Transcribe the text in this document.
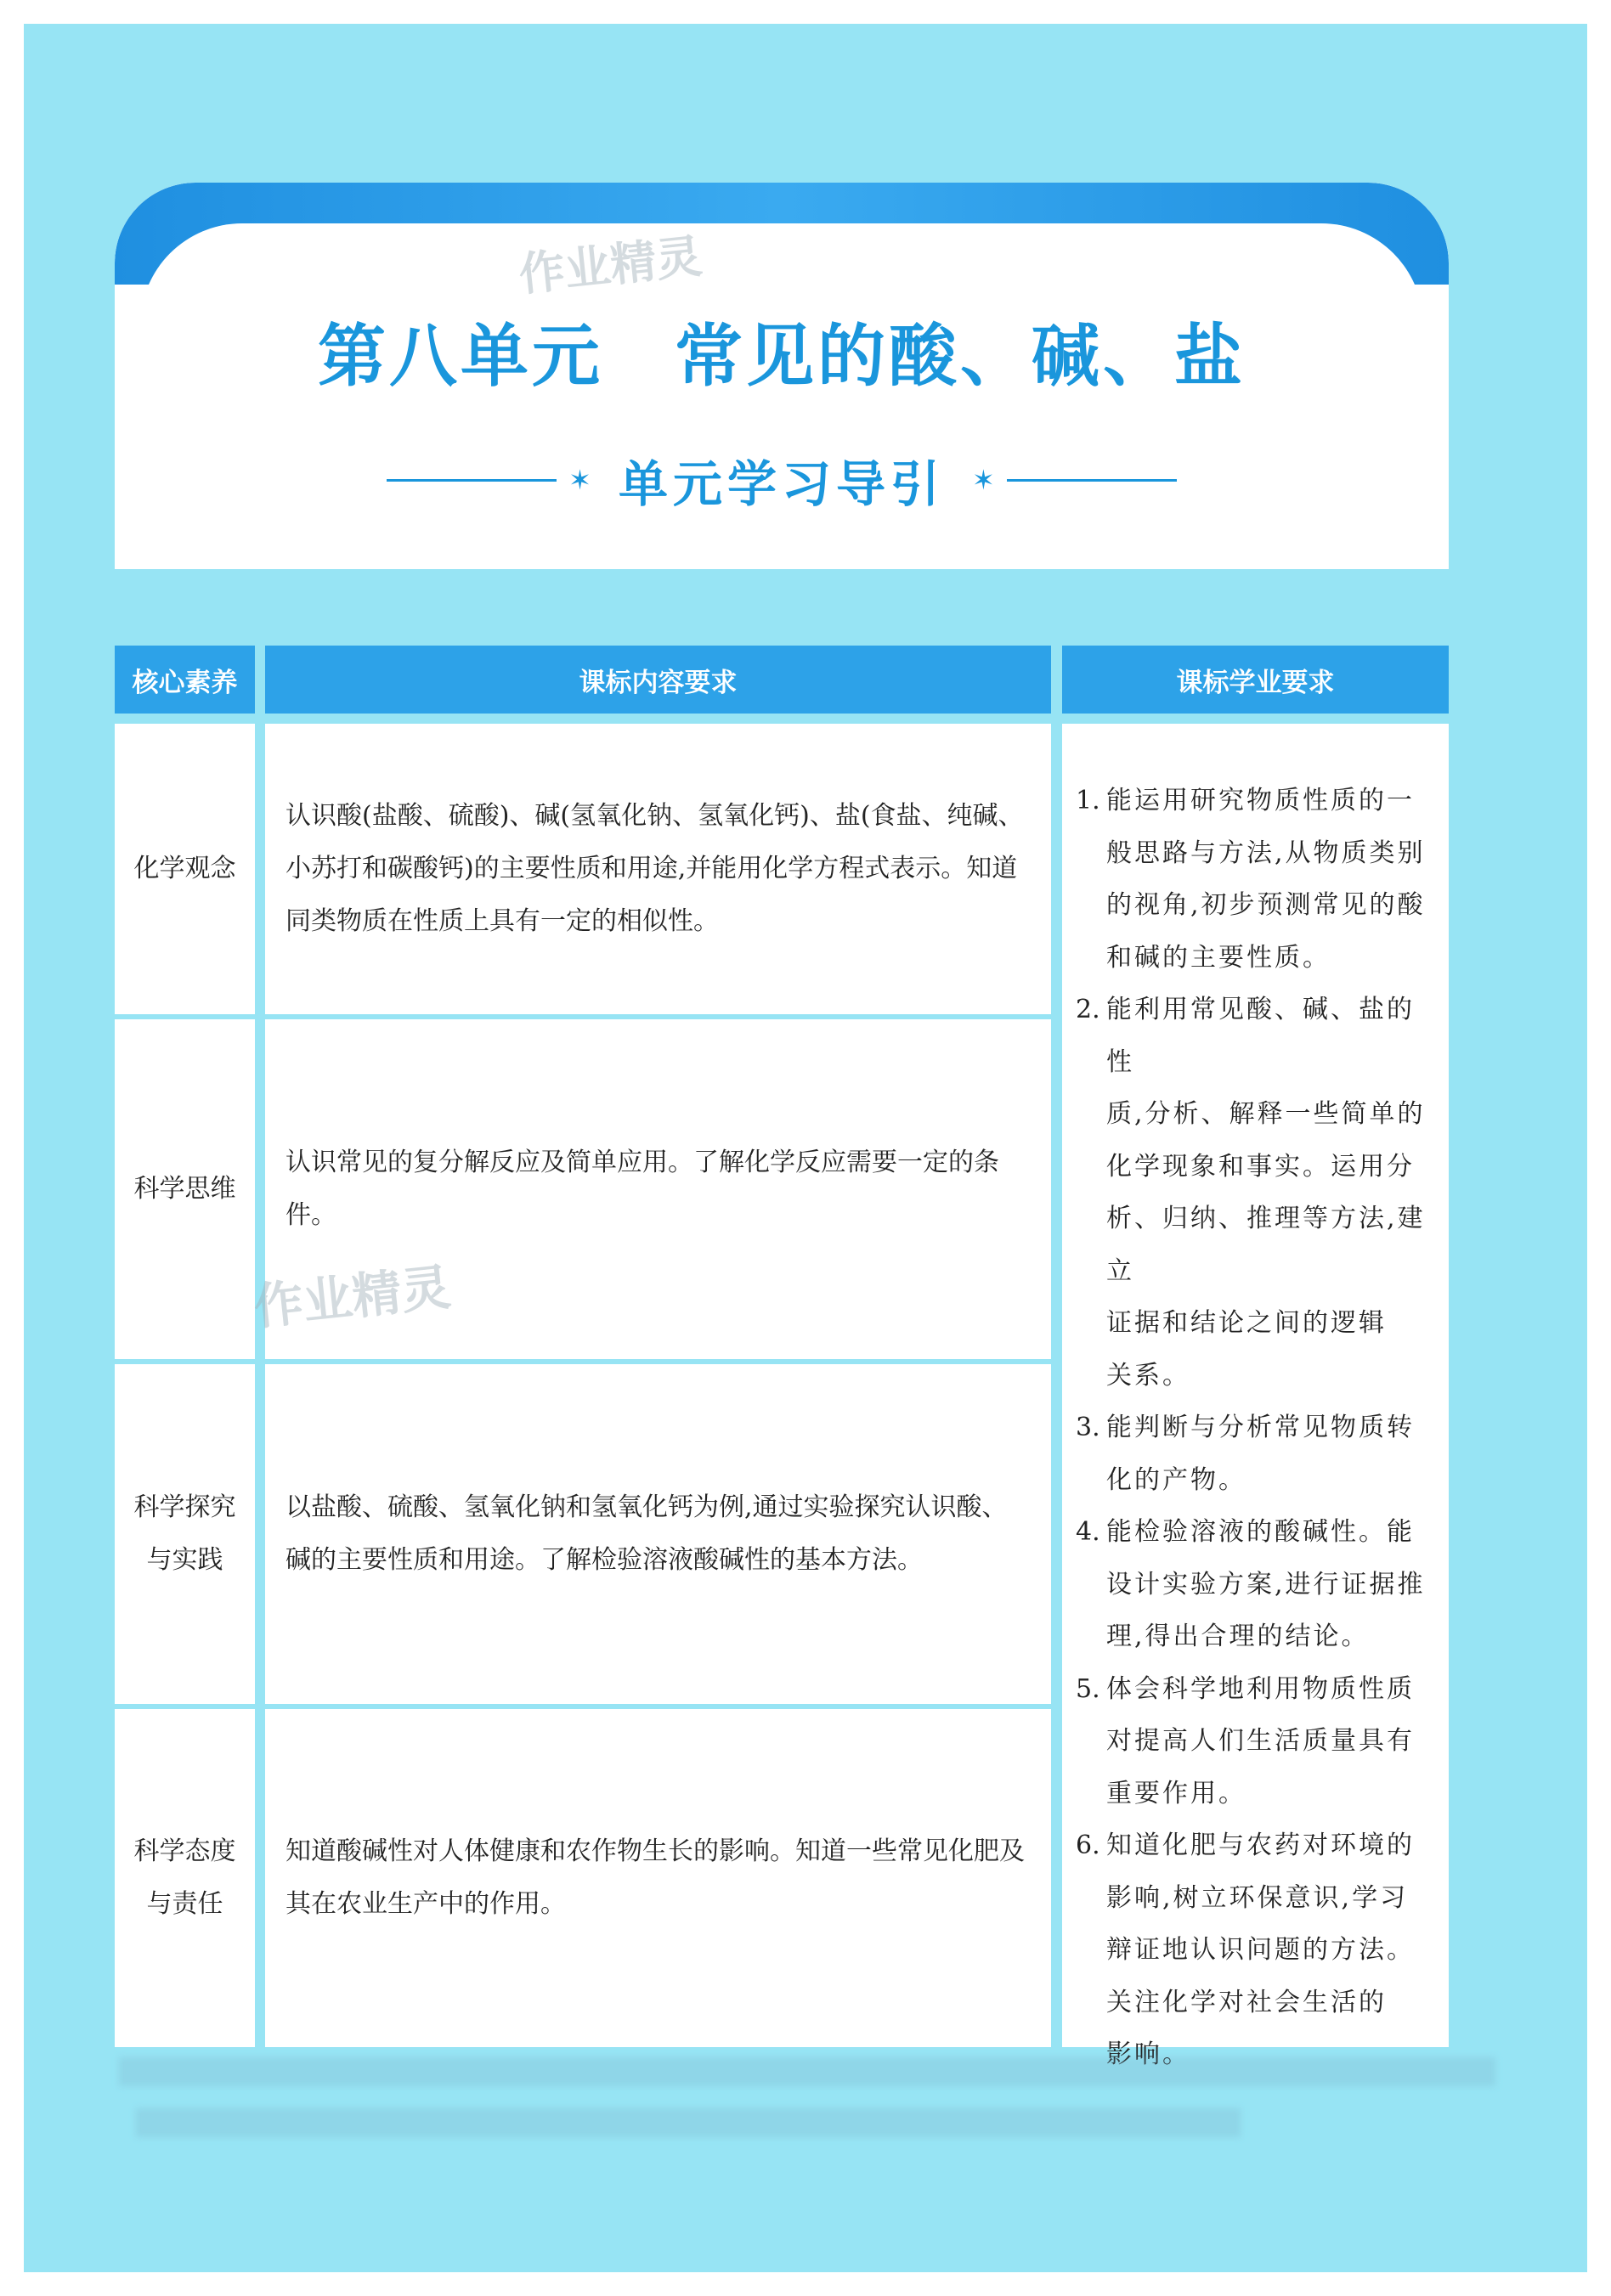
作业精灵
第八单元　常见的酸、碱、盐
✶ 单元学习导引 ✶
核心素养	课标内容要求	课标学业要求
化学观念
认识酸(盐酸、硫酸)、碱(氢氧化钠、氢氧化钙)、盐(食盐、纯碱、小苏打和碳酸钙)的主要性质和用途,并能用化学方程式表示。知道同类物质在性质上具有一定的相似性。
科学思维
认识常见的复分解反应及简单应用。了解化学反应需要一定的条件。
科学探究
与实践
以盐酸、硫酸、氢氧化钠和氢氧化钙为例,通过实验探究认识酸、碱的主要性质和用途。了解检验溶液酸碱性的基本方法。
科学态度
与责任
知道酸碱性对人体健康和农作物生长的影响。知道一些常见化肥及其在农业生产中的作用。
1. 能运用研究物质性质的一
般思路与方法,从物质类别
的视角,初步预测常见的酸
和碱的主要性质。
2. 能利用常见酸、碱、盐的性
质,分析、解释一些简单的
化学现象和事实。运用分
析、归纳、推理等方法,建立
证据和结论之间的逻辑
关系。
3. 能判断与分析常见物质转
化的产物。
4. 能检验溶液的酸碱性。能
设计实验方案,进行证据推
理,得出合理的结论。
5. 体会科学地利用物质性质
对提高人们生活质量具有
重要作用。
6. 知道化肥与农药对环境的
影响,树立环保意识,学习
辩证地认识问题的方法。
关注化学对社会生活的
影响。
作业精灵
